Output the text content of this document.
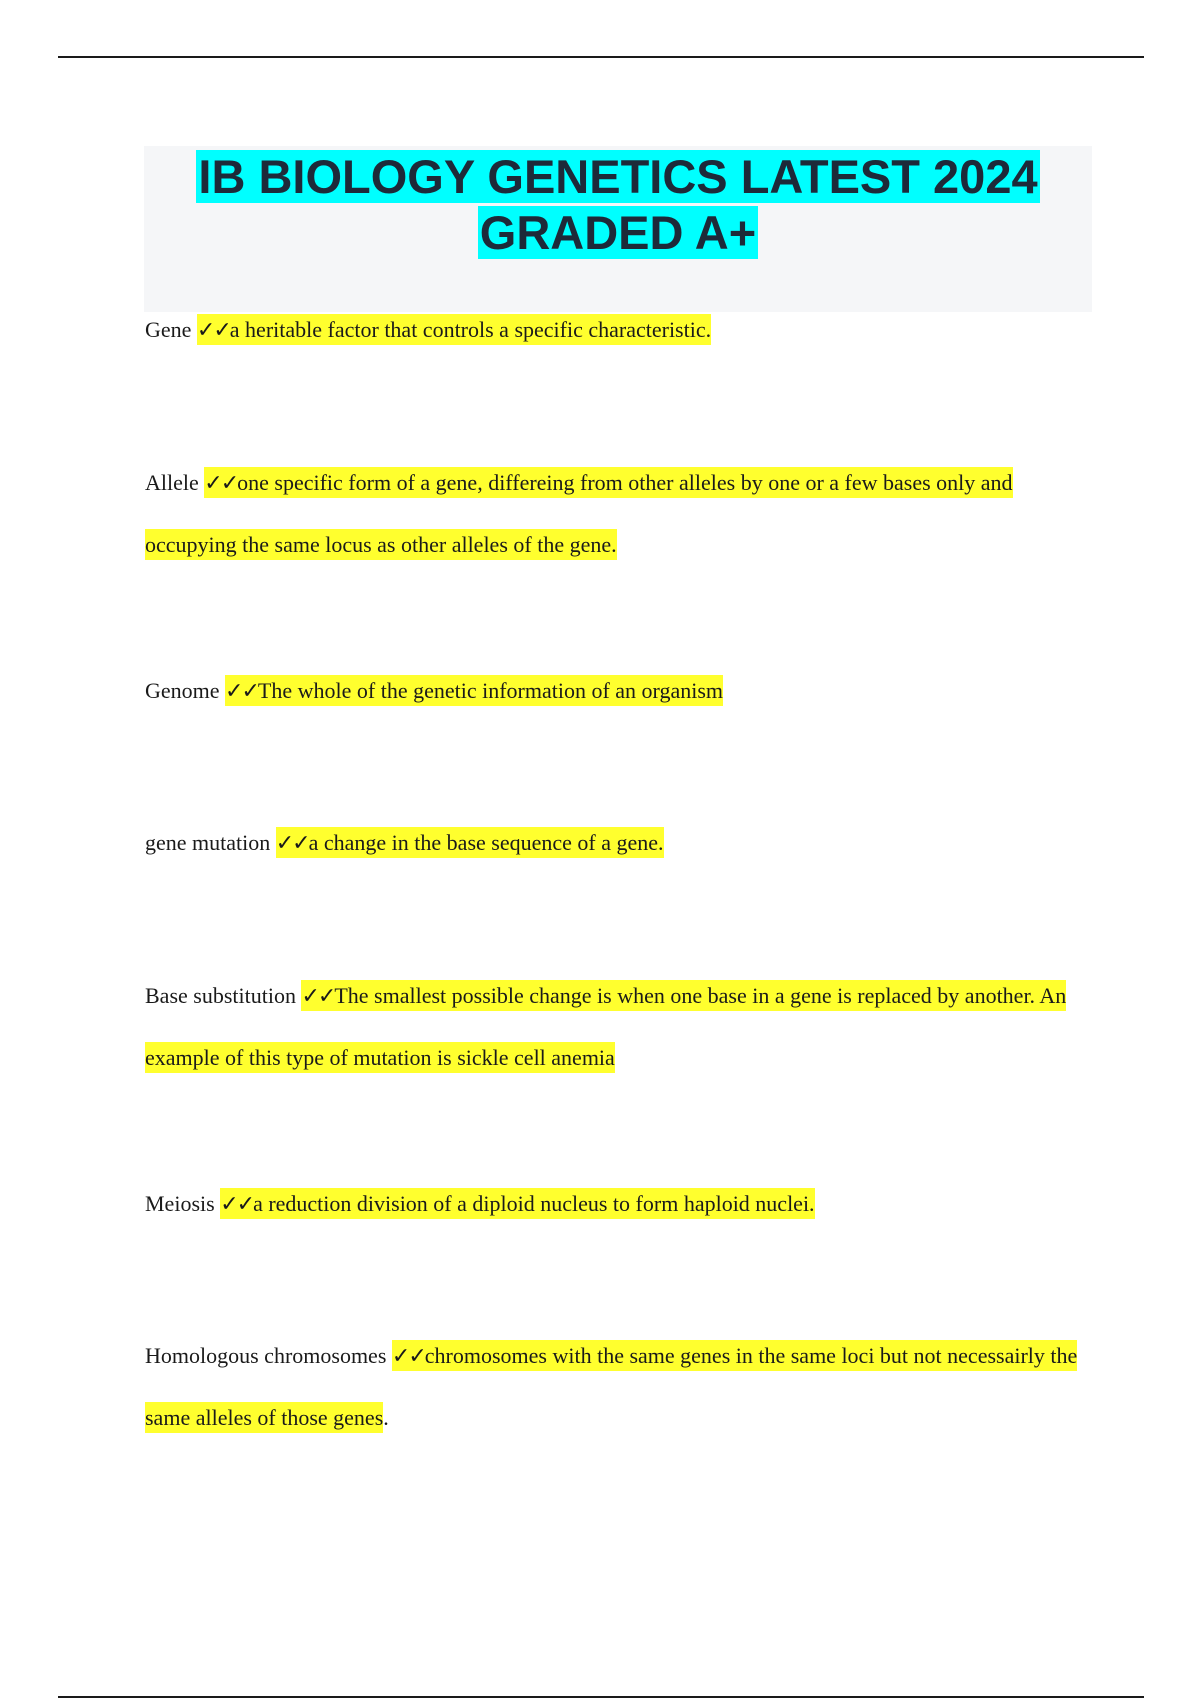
IB BIOLOGY GENETICS LATEST 2024 GRADED A+

Gene ✓✓a heritable factor that controls a specific characteristic.

Allele ✓✓one specific form of a gene, differeing from other alleles by one or a few bases only and occupying the same locus as other alleles of the gene.

Genome ✓✓The whole of the genetic information of an organism

gene mutation ✓✓a change in the base sequence of a gene.

Base substitution ✓✓The smallest possible change is when one base in a gene is replaced by another. An example of this type of mutation is sickle cell anemia

Meiosis ✓✓a reduction division of a diploid nucleus to form haploid nuclei.

Homologous chromosomes ✓✓chromosomes with the same genes in the same loci but not necessairly the same alleles of those genes.
